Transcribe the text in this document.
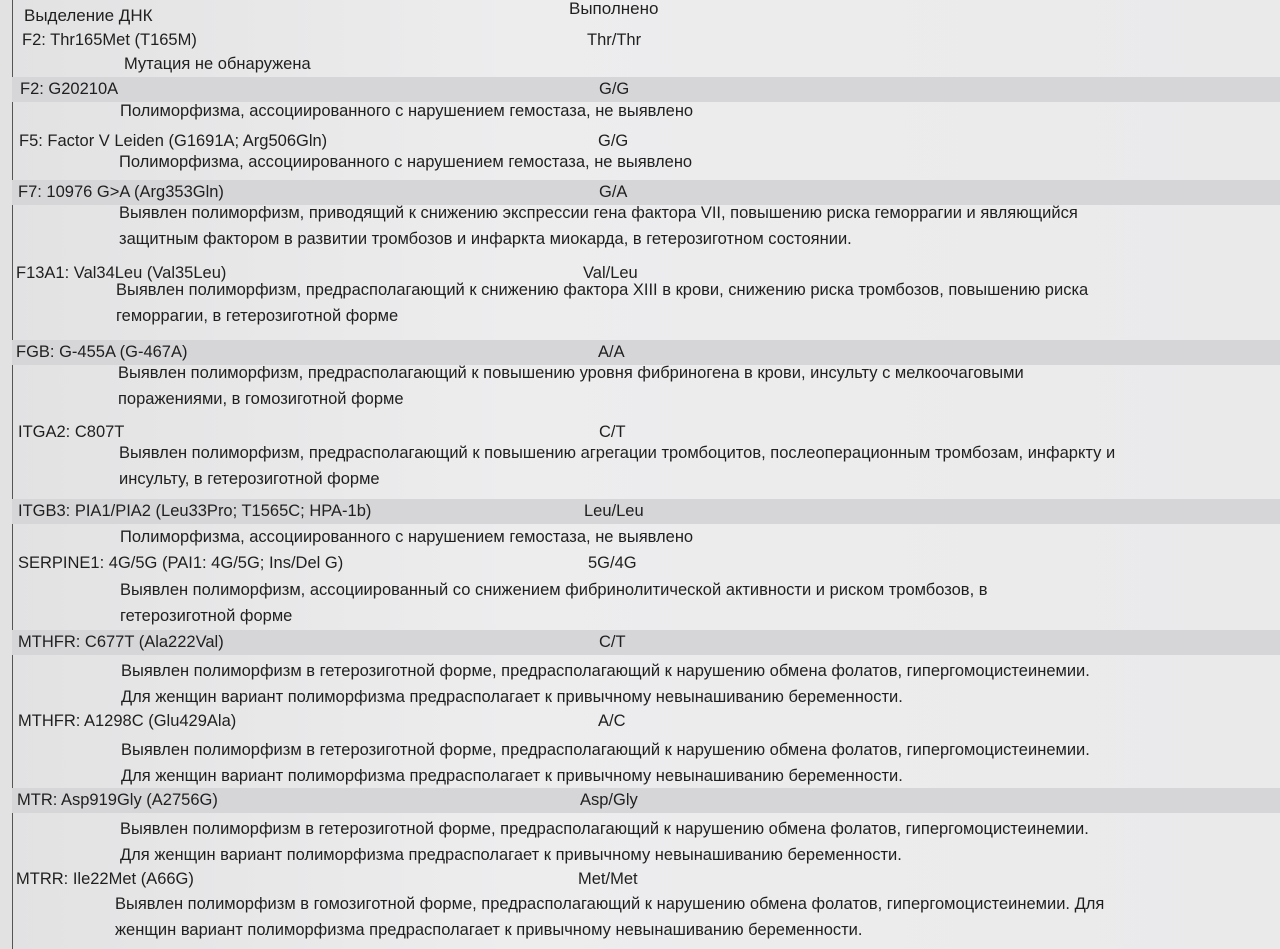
Выделение ДНК	Выполнено
F2: Thr165Met (T165M)	Thr/Thr
Мутация не обнаружена
F2: G20210A	G/G
Полиморфизма, ассоциированного с нарушением гемостаза, не выявлено
F5: Factor V Leiden (G1691A; Arg506Gln)	G/G
Полиморфизма, ассоциированного с нарушением гемостаза, не выявлено
F7: 10976 G>A (Arg353Gln)	G/A
Выявлен полиморфизм, приводящий к снижению экспрессии гена фактора VII, повышению риска геморрагии и являющийся
защитным фактором в развитии тромбозов и инфаркта миокарда, в гетерозиготном состоянии.
F13A1: Val34Leu (Val35Leu)	Val/Leu
Выявлен полиморфизм, предрасполагающий к снижению фактора XIII в крови, снижению риска тромбозов, повышению риска
геморрагии, в гетерозиготной форме
FGB: G-455A (G-467A)	A/A
Выявлен полиморфизм, предрасполагающий к повышению уровня фибриногена в крови, инсульту с мелкоочаговыми
поражениями, в гомозиготной форме
ITGA2: C807T	C/T
Выявлен полиморфизм, предрасполагающий к повышению агрегации тромбоцитов, послеоперационным тромбозам, инфаркту и
инсульту, в гетерозиготной форме
ITGB3: PIA1/PIA2 (Leu33Pro; T1565C; HPA-1b)	Leu/Leu
Полиморфизма, ассоциированного с нарушением гемостаза, не выявлено
SERPINE1: 4G/5G (PAI1: 4G/5G; Ins/Del G)	5G/4G
Выявлен полиморфизм, ассоциированный со снижением фибринолитической активности и риском тромбозов, в
гетерозиготной форме
MTHFR: C677T (Ala222Val)	C/T
Выявлен полиморфизм в гетерозиготной форме, предрасполагающий к нарушению обмена фолатов, гипергомоцистеинемии.
Для женщин вариант полиморфизма предрасполагает к привычному невынашиванию беременности.
MTHFR: A1298C (Glu429Ala)	A/C
Выявлен полиморфизм в гетерозиготной форме, предрасполагающий к нарушению обмена фолатов, гипергомоцистеинемии.
Для женщин вариант полиморфизма предрасполагает к привычному невынашиванию беременности.
MTR: Asp919Gly (A2756G)	Asp/Gly
Выявлен полиморфизм в гетерозиготной форме, предрасполагающий к нарушению обмена фолатов, гипергомоцистеинемии.
Для женщин вариант полиморфизма предрасполагает к привычному невынашиванию беременности.
MTRR: Ile22Met (A66G)	Met/Met
Выявлен полиморфизм в гомозиготной форме, предрасполагающий к нарушению обмена фолатов, гипергомоцистеинемии. Для
женщин вариант полиморфизма предрасполагает к привычному невынашиванию беременности.
